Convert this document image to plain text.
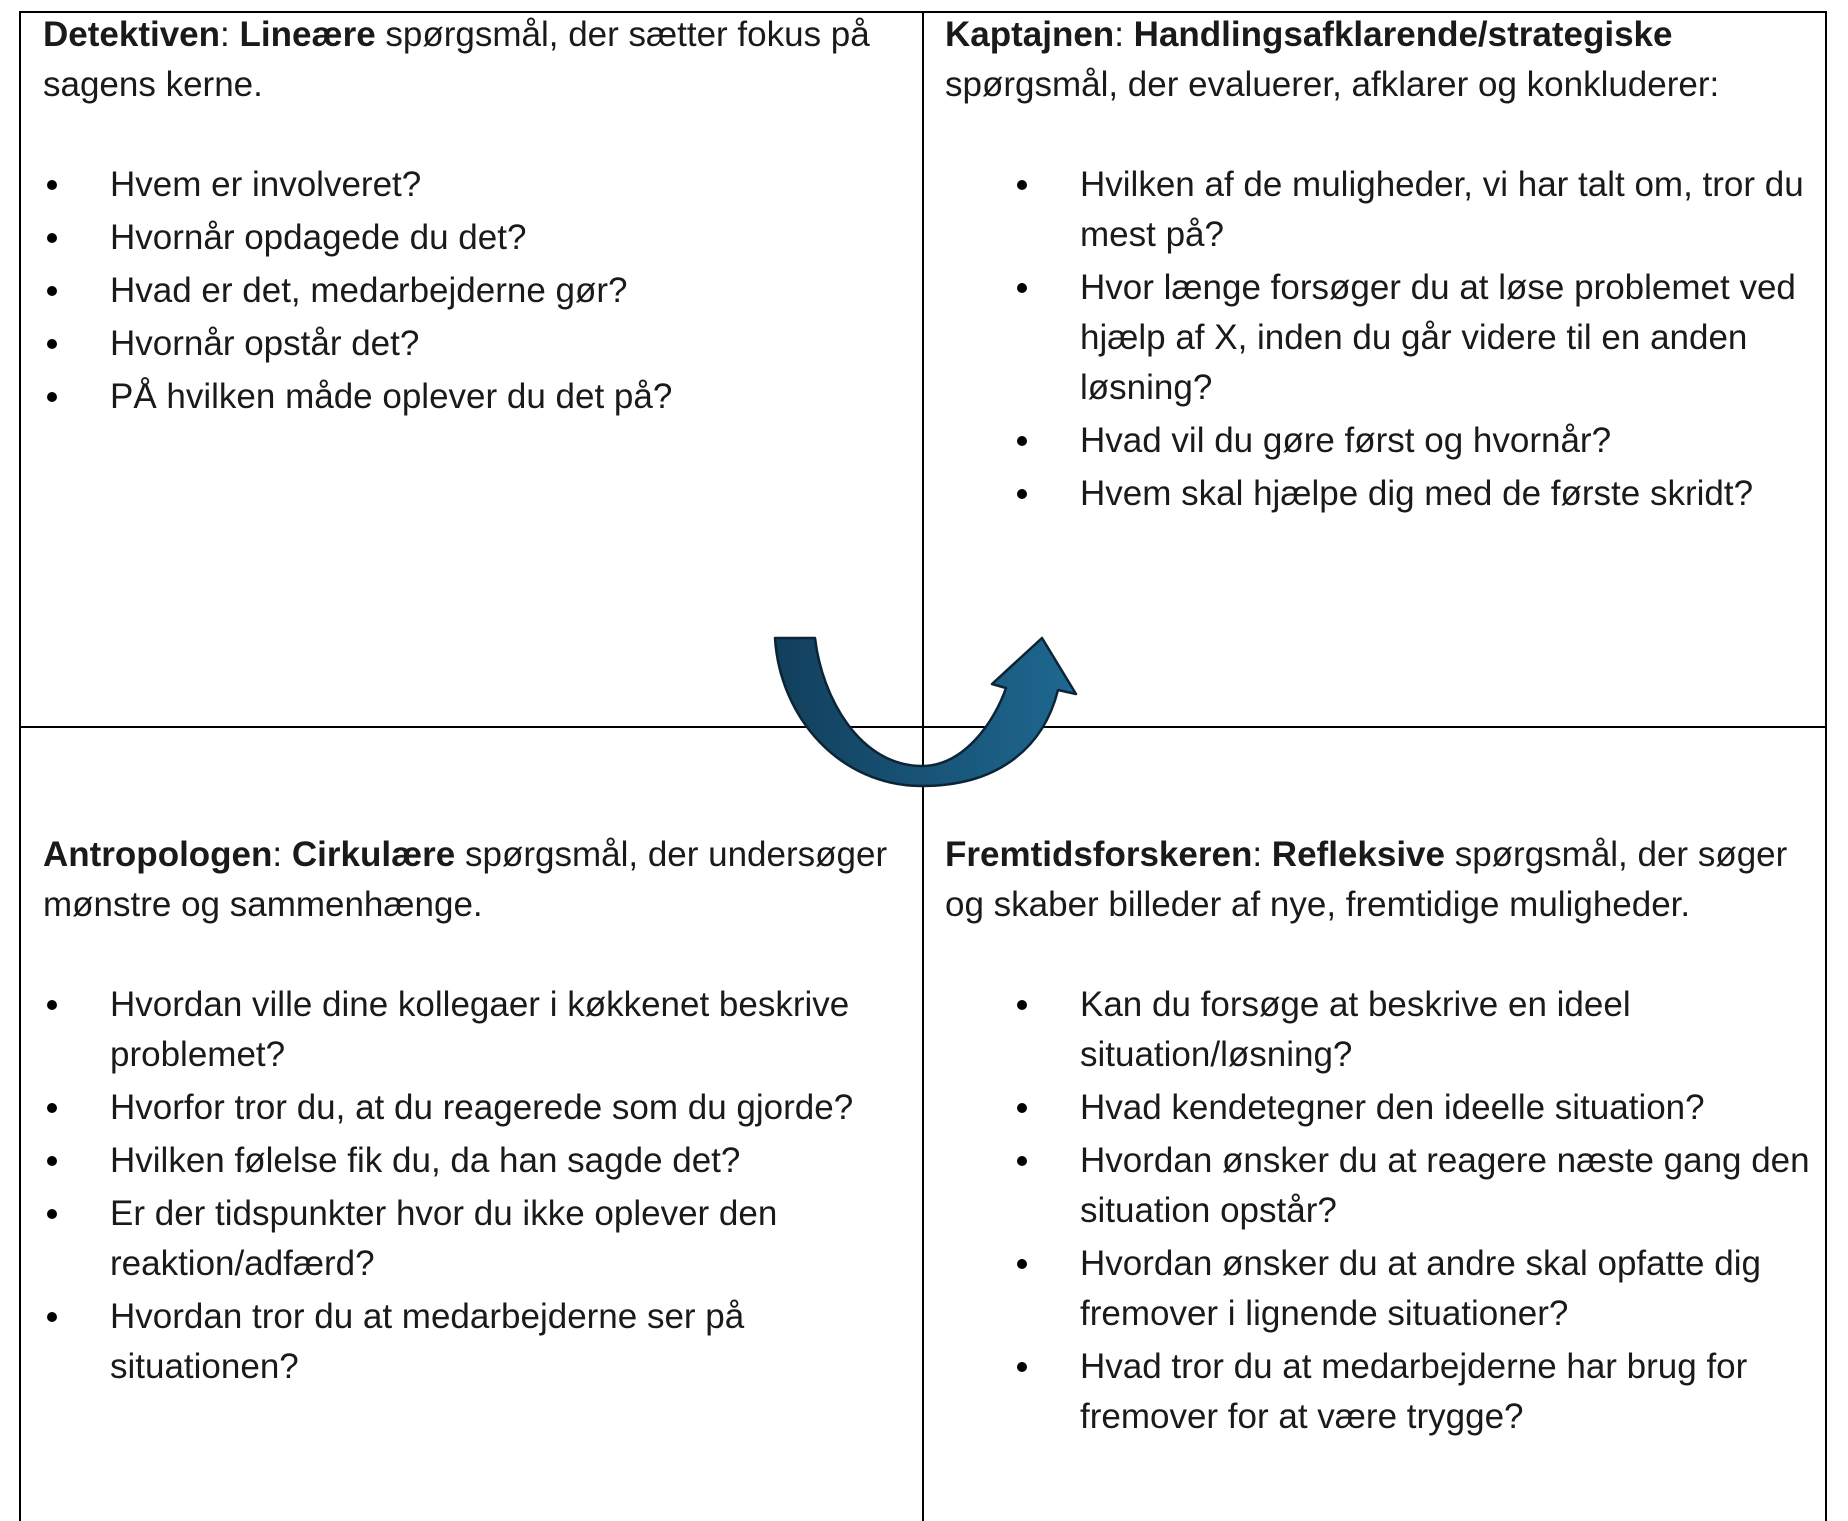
Detektiven: Lineære spørgsmål, der sætter fokus på sagens kerne.

Hvem er involveret?
Hvornår opdagede du det?
Hvad er det, medarbejderne gør?
Hvornår opstår det?
PÅ hvilken måde oplever du det på?

Kaptajnen: Handlingsafklarende/strategiske spørgsmål, der evaluerer, afklarer og konkluderer:

Hvilken af de muligheder, vi har talt om, tror du mest på?
Hvor længe forsøger du at løse problemet ved hjælp af X, inden du går videre til en anden løsning?
Hvad vil du gøre først og hvornår?
Hvem skal hjælpe dig med de første skridt?

Antropologen: Cirkulære spørgsmål, der undersøger mønstre og sammenhænge.

Hvordan ville dine kollegaer i køkkenet beskrive problemet?
Hvorfor tror du, at du reagerede som du gjorde?
Hvilken følelse fik du, da han sagde det?
Er der tidspunkter hvor du ikke oplever den reaktion/adfærd?
Hvordan tror du at medarbejderne ser på situationen?

Fremtidsforskeren: Refleksive spørgsmål, der søger og skaber billeder af nye, fremtidige muligheder.

Kan du forsøge at beskrive en ideel situation/løsning?
Hvad kendetegner den ideelle situation?
Hvordan ønsker du at reagere næste gang den situation opstår?
Hvordan ønsker du at andre skal opfatte dig fremover i lignende situationer?
Hvad tror du at medarbejderne har brug for fremover for at være trygge?
